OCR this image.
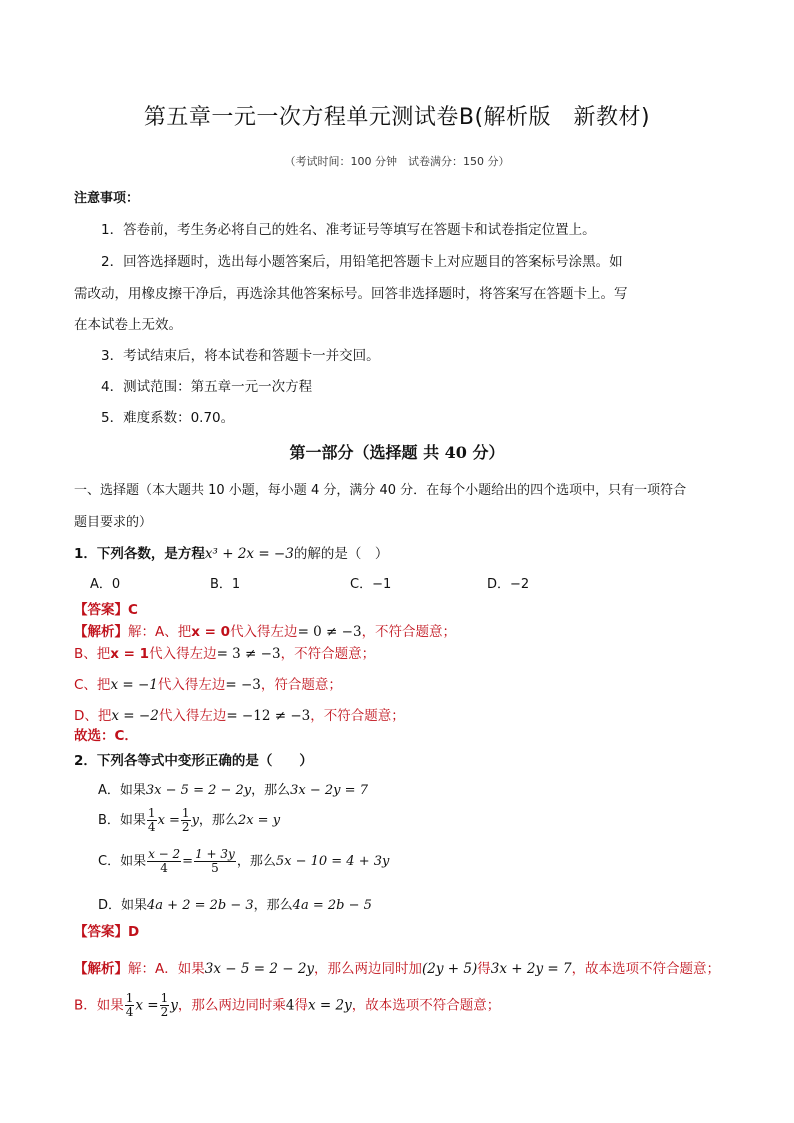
第五章一元一次方程单元测试卷B(解析版　新教材)
（考试时间：100 分钟　试卷满分：150 分）
注意事项：
1．答卷前，考生务必将自己的姓名、准考证号等填写在答题卡和试卷指定位置上。
2．回答选择题时，选出每小题答案后，用铅笔把答题卡上对应题目的答案标号涂黑。如
需改动，用橡皮擦干净后，再选涂其他答案标号。回答非选择题时，将答案写在答题卡上。写
在本试卷上无效。
3．考试结束后，将本试卷和答题卡一并交回。
4．测试范围：第五章一元一次方程
5．难度系数：0.70。
第一部分（选择题 共 40 分）
一、选择题（本大题共 10 小题，每小题 4 分，满分 40 分．在每个小题给出的四个选项中，只有一项符合
题目要求的）
1．下列各数，是方程x³ + 2x = −3的解的是（　）
A．0	B．1	C．−1	D．−2
【答案】C
【解析】解：A、把x = 0代入得左边= 0 ≠ −3，不符合题意；
B、把x = 1代入得左边= 3 ≠ −3，不符合题意；
C、把x = −1代入得左边= −3，符合题意；
D、把x = −2代入得左边= −12 ≠ −3，不符合题意；
故选：C．
2．下列各等式中变形正确的是（　　）
A．如果3x − 5 = 2 − 2y，那么3x − 2y = 7
B．如果 $\frac{1}{4}$ $x = \frac{1}{2}$ y，那么2x = y
C．如果 $\frac{x - 2}{4} = \frac{1 + 3y}{5}$ ，那么5x − 10 = 4 + 3y
D．如果4a + 2 = 2b − 3，那么4a = 2b − 5
【答案】D
【解析】解：A．如果3x − 5 = 2 − 2y，那么两边同时加(2y + 5)得3x + 2y = 7，故本选项不符合题意；
B．如果 $\frac{1}{4}$ $x = \frac{1}{2}$ y，那么两边同时乘4得x = 2y，故本选项不符合题意；
